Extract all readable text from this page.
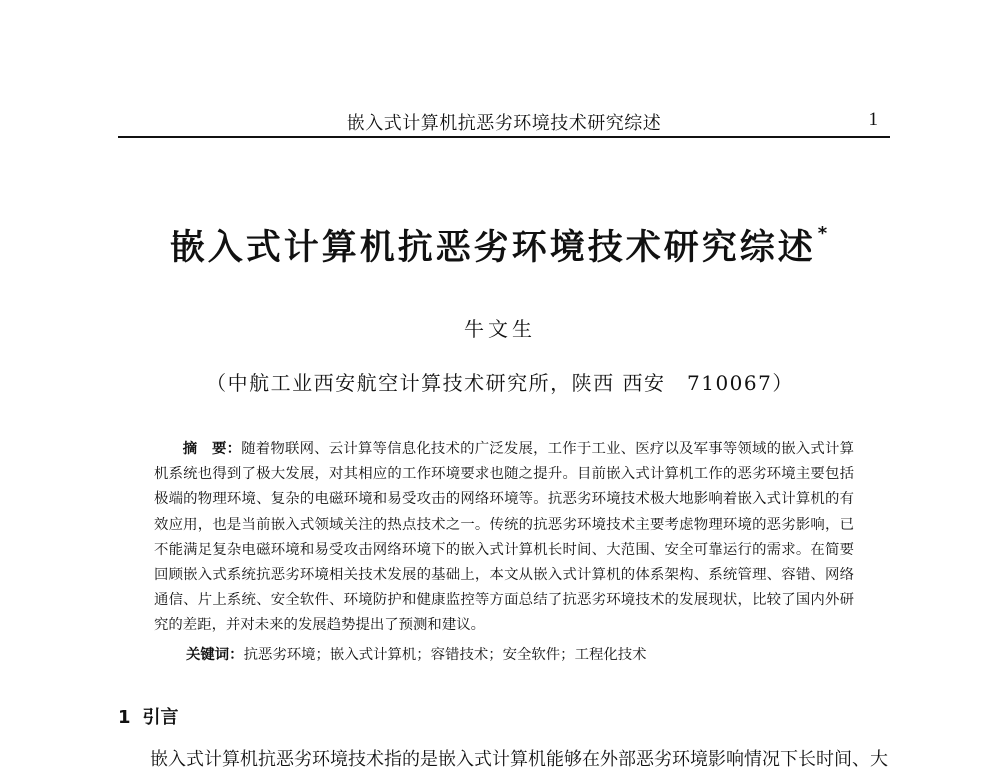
嵌入式计算机抗恶劣环境技术研究综述	1
嵌入式计算机抗恶劣环境技术研究综述 *
牛文生
（中航工业西安航空计算技术研究所，陕西 西安　710067）

摘　要：随着物联网、云计算等信息化技术的广泛发展，工作于工业、医疗以及军事等领域的嵌入式计算机系统也得到了极大发展，对其相应的工作环境要求也随之提升。目前嵌入式计算机工作的恶劣环境主要包括极端的物理环境、复杂的电磁环境和易受攻击的网络环境等。抗恶劣环境技术极大地影响着嵌入式计算机的有效应用，也是当前嵌入式领域关注的热点技术之一。传统的抗恶劣环境技术主要考虑物理环境的恶劣影响，已不能满足复杂电磁环境和易受攻击网络环境下的嵌入式计算机长时间、大范围、安全可靠运行的需求。在简要回顾嵌入式系统抗恶劣环境相关技术发展的基础上，本文从嵌入式计算机的体系架构、系统管理、容错、网络通信、片上系统、安全软件、环境防护和健康监控等方面总结了抗恶劣环境技术的发展现状，比较了国内外研究的差距，并对未来的发展趋势提出了预测和建议。

关键词：抗恶劣环境；嵌入式计算机；容错技术；安全软件；工程化技术

1 引言
嵌入式计算机抗恶劣环境技术指的是嵌入式计算机能够在外部恶劣环境影响情况下长时间、大
